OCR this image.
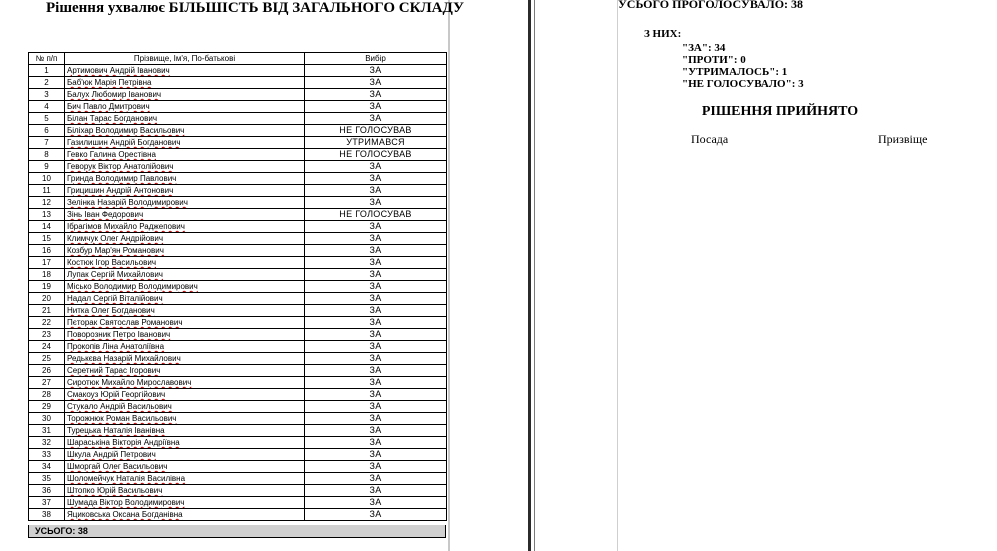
Рішення ухвалює БІЛЬШІСТЬ ВІД ЗАГАЛЬНОГО СКЛАДУ
№ п/п	Прізвище, Ім'я, По-батькові	Вибір
1	Артимович Андрій Іванович	ЗА
2	Баб'юк Марія Петрівна	ЗА
3	Балух Любомир Іванович	ЗА
4	Бич Павло Дмитрович	ЗА
5	Білан Тарас Богданович	ЗА
6	Біліхар Володимир Васильович	НЕ ГОЛОСУВАВ
7	Газилишин Андрій Богданович	УТРИМАВСЯ
8	Гевко Галина Орестівна	НЕ ГОЛОСУВАВ
9	Геворук Віктор Анатолійович	ЗА
10	Гринда Володимир Павлович	ЗА
11	Грицишин Андрій Антонович	ЗА
12	Зелінка Назарій Володимирович	ЗА
13	Зінь Іван Федорович	НЕ ГОЛОСУВАВ
14	Ібрагімов Михайло Раджепович	ЗА
15	Климчук Олег Андрійович	ЗА
16	Козбур Мар'ян Романович	ЗА
17	Костюк Ігор Васильович	ЗА
18	Лупак Сергій Михайлович	ЗА
19	Місько Володимир Володимирович	ЗА
20	Надал Сергій Віталійович	ЗА
21	Нитка Олег Богданович	ЗА
22	Пєторак Святослав Романович	ЗА
23	Поворозник Петро Іванович	ЗА
24	Прокопів Ліна Анатоліївна	ЗА
25	Редькєва Назарій Михайлович	ЗА
26	Серетний Тарас Ігорович	ЗА
27	Сиротюк Михайло Мирославович	ЗА
28	Смакоуз Юрій Георгійович	ЗА
29	Стукало Андрій Васильович	ЗА
30	Торожнюк Роман Васильович	ЗА
31	Турецька Наталія Іванівна	ЗА
32	Шараськіна Вікторія Андріївна	ЗА
33	Шкула Андрій Петрович	ЗА
34	Шморгай Олег Васильович	ЗА
35	Шоломейчук Наталія Василівна	ЗА
36	Штопко Юрій Васильович	ЗА
37	Шумада Віктор Володимирович	ЗА
38	Яциковська Оксана Богданівна	ЗА
УСЬОГО: 38
УСЬОГО ПРОГОЛОСУВАЛО: 38
З НИХ:
"ЗА": 34
"ПРОТИ": 0
"УТРИМАЛОСЬ": 1
"НЕ ГОЛОСУВАЛО": 3
РІШЕННЯ ПРИЙНЯТО
Посада	Призвіще
